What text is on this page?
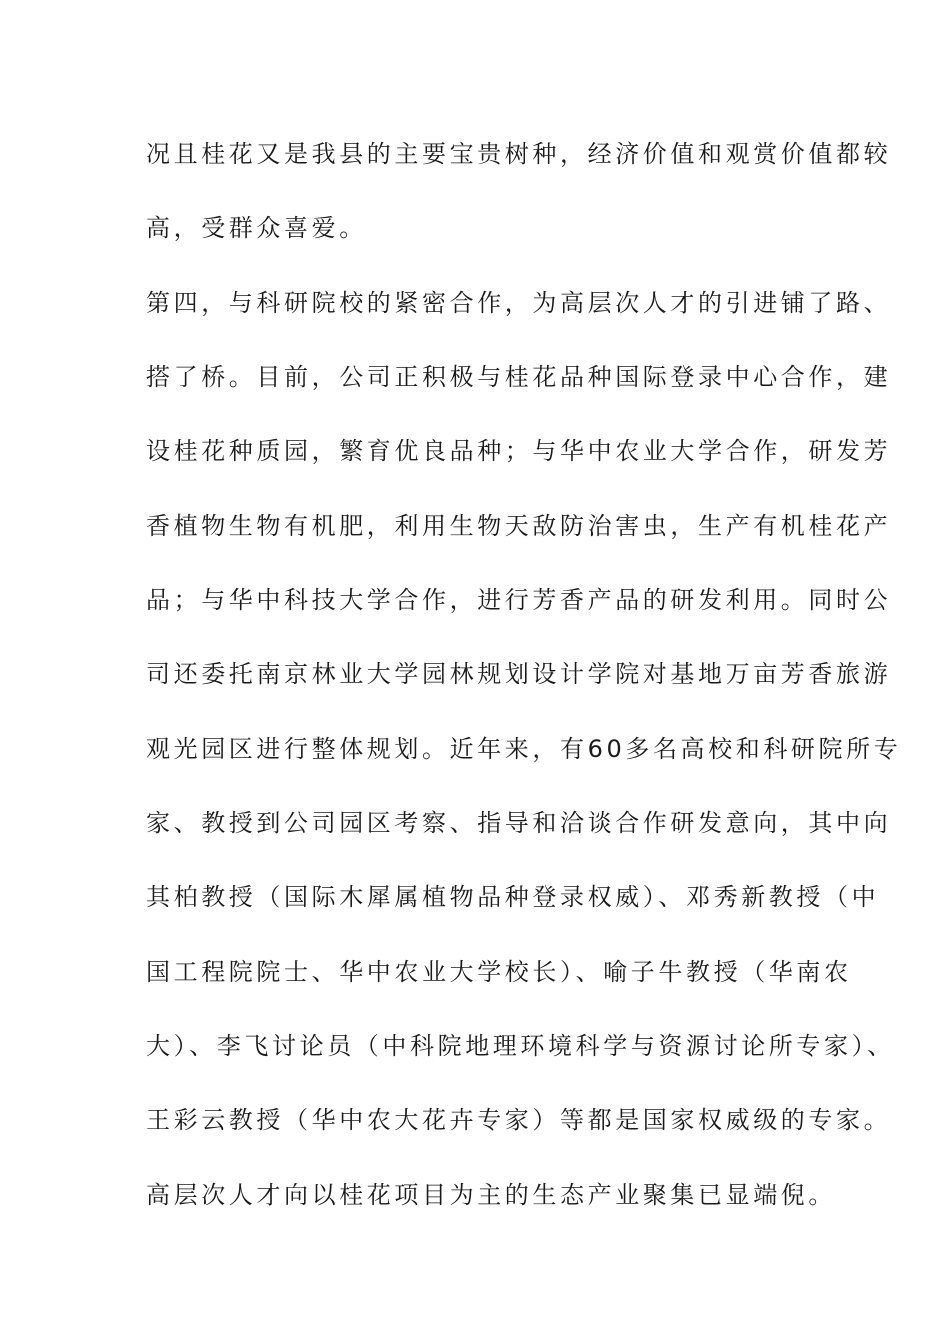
况且桂花又是我县的主要宝贵树种，经济价值和观赏价值都较

高，受群众喜爱。

第四，与科研院校的紧密合作，为高层次人才的引进铺了路、

搭了桥。目前，公司正积极与桂花品种国际登录中心合作，建

设桂花种质园，繁育优良品种；与华中农业大学合作，研发芳

香植物生物有机肥，利用生物天敌防治害虫，生产有机桂花产

品；与华中科技大学合作，进行芳香产品的研发利用。同时公

司还委托南京林业大学园林规划设计学院对基地万亩芳香旅游

观光园区进行整体规划。近年来，有60多名高校和科研院所专

家、教授到公司园区考察、指导和洽谈合作研发意向，其中向

其柏教授（国际木犀属植物品种登录权威）、邓秀新教授（中

国工程院院士、华中农业大学校长）、喻子牛教授（华南农

大）、李飞讨论员（中科院地理环境科学与资源讨论所专家）、

王彩云教授（华中农大花卉专家）等都是国家权威级的专家。

高层次人才向以桂花项目为主的生态产业聚集已显端倪。
